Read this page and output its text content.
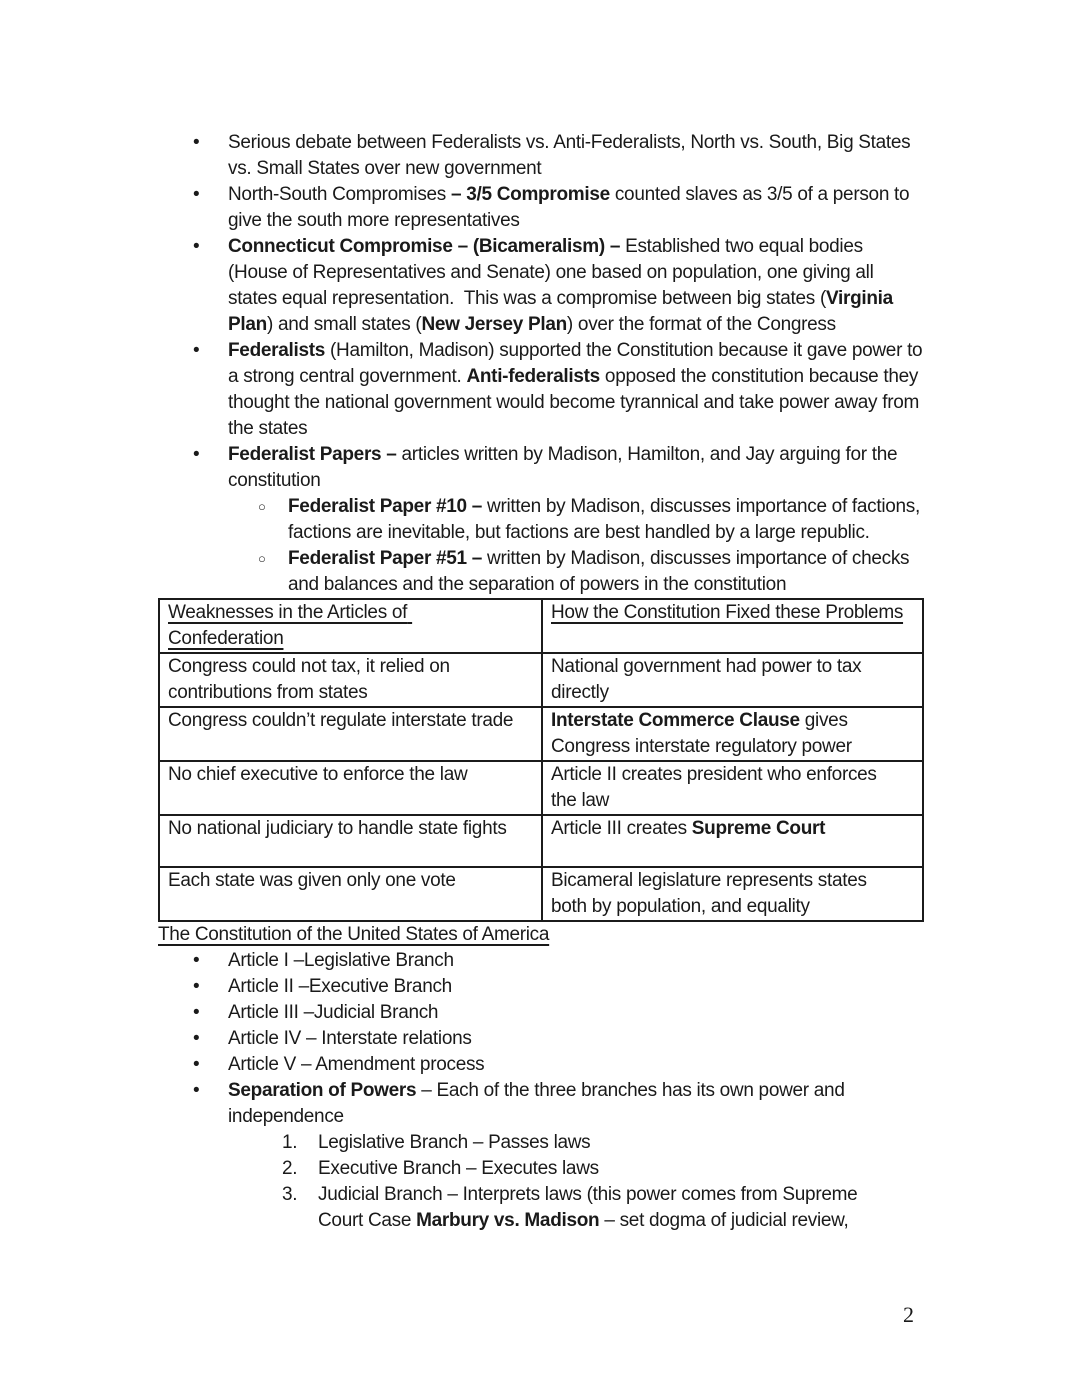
• Serious debate between Federalists vs. Anti-Federalists, North vs. South, Big States vs. Small States over new government
• North-South Compromises – 3/5 Compromise counted slaves as 3/5 of a person to give the south more representatives
• Connecticut Compromise – (Bicameralism) – Established two equal bodies (House of Representatives and Senate) one based on population, one giving all states equal representation.  This was a compromise between big states (Virginia Plan) and small states (New Jersey Plan) over the format of the Congress
• Federalists (Hamilton, Madison) supported the Constitution because it gave power to a strong central government. Anti-federalists opposed the constitution because they thought the national government would become tyrannical and take power away from the states
• Federalist Papers – articles written by Madison, Hamilton, and Jay arguing for the constitution
○ Federalist Paper #10 – written by Madison, discusses importance of factions, factions are inevitable, but factions are best handled by a large republic.
○ Federalist Paper #51 – written by Madison, discusses importance of checks and balances and the separation of powers in the constitution
Weaknesses in the Articles of Confederation	How the Constitution Fixed these Problems
Congress could not tax, it relied on contributions from states	National government had power to tax directly
Congress couldn’t regulate interstate trade	Interstate Commerce Clause gives Congress interstate regulatory power
No chief executive to enforce the law	Article II creates president who enforces the law
No national judiciary to handle state fights	Article III creates Supreme Court
Each state was given only one vote	Bicameral legislature represents states both by population, and equality
The Constitution of the United States of America
• Article I –Legislative Branch
• Article II –Executive Branch
• Article III –Judicial Branch
• Article IV – Interstate relations
• Article V – Amendment process
• Separation of Powers – Each of the three branches has its own power and independence
1. Legislative Branch – Passes laws
2. Executive Branch – Executes laws
3. Judicial Branch – Interprets laws (this power comes from Supreme Court Case Marbury vs. Madison – set dogma of judicial review,
2
